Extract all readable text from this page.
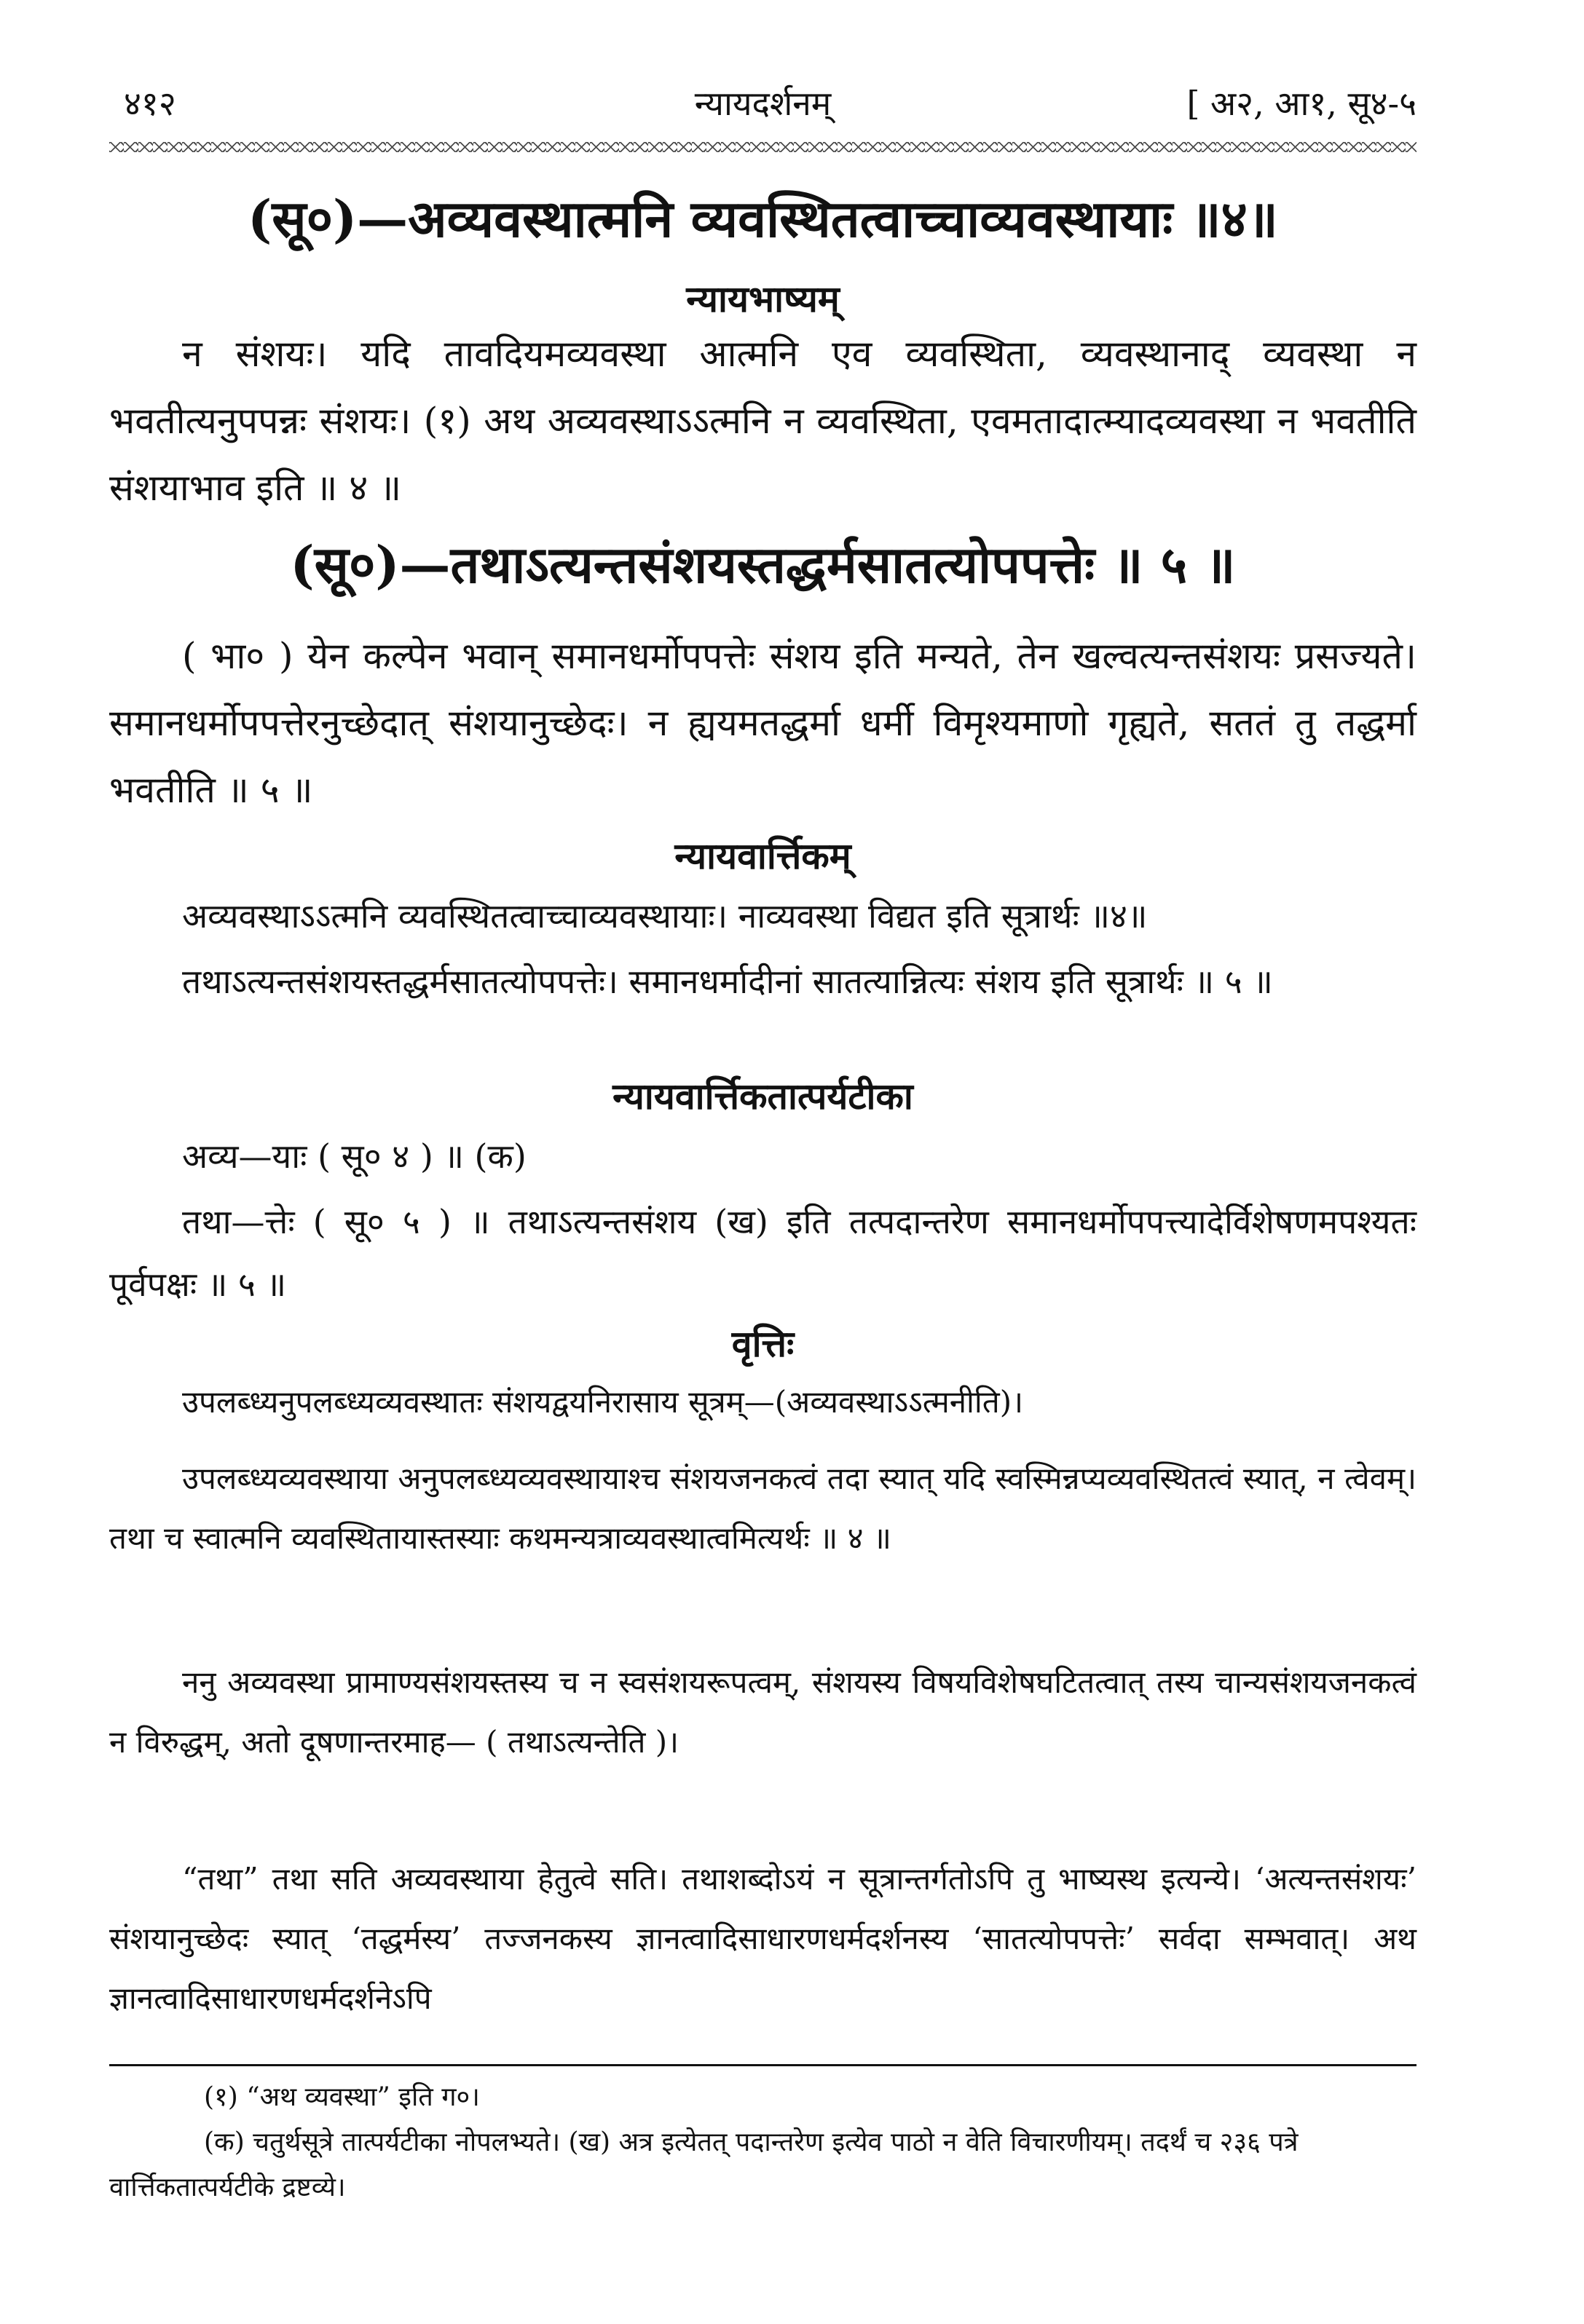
४१२	न्यायदर्शनम्	[ अ२, आ१, सू४-५
(सू०)—अव्यवस्थात्मनि व्यवस्थितत्वाच्चाव्यवस्थायाः ॥४॥
न्यायभाष्यम्
न संशयः। यदि तावदियमव्यवस्था आत्मनि एव व्यवस्थिता, व्यवस्थानाद् व्यवस्था न भवतीत्यनुपपन्नः संशयः। (१) अथ अव्यवस्थाऽऽत्मनि न व्यवस्थिता, एवमतादात्म्यादव्यवस्था न भवतीति संशयाभाव इति ॥ ४ ॥
(सू०)—तथाऽत्यन्तसंशयस्तद्धर्मसातत्योपपत्तेः ॥ ५ ॥
( भा० ) येन कल्पेन भवान् समानधर्मोपपत्तेः संशय इति मन्यते, तेन खल्वत्यन्तसंशयः प्रसज्यते। समानधर्मोपपत्तेरनुच्छेदात् संशयानुच्छेदः। न ह्ययमतद्धर्मा धर्मी विमृश्यमाणो गृह्यते, सततं तु तद्धर्मा भवतीति ॥ ५ ॥
न्यायवार्त्तिकम्
अव्यवस्थाऽऽत्मनि व्यवस्थितत्वाच्चाव्यवस्थायाः। नाव्यवस्था विद्यत इति सूत्रार्थः ॥४॥
तथाऽत्यन्तसंशयस्तद्धर्मसातत्योपपत्तेः। समानधर्मादीनां सातत्यान्नित्यः संशय इति सूत्रार्थः ॥ ५ ॥
न्यायवार्त्तिकतात्पर्यटीका
अव्य—याः ( सू० ४ ) ॥ (क)
तथा—त्तेः ( सू० ५ ) ॥ तथाऽत्यन्तसंशय (ख) इति तत्पदान्तरेण समानधर्मोपपत्त्यादेर्विशेषणमपश्यतः पूर्वपक्षः ॥ ५ ॥
वृत्तिः
उपलब्ध्यनुपलब्ध्यव्यवस्थातः संशयद्वयनिरासाय सूत्रम्—(अव्यवस्थाऽऽत्मनीति)।
उपलब्ध्यव्यवस्थाया अनुपलब्ध्यव्यवस्थायाश्च संशयजनकत्वं तदा स्यात् यदि स्वस्मिन्नप्यव्यवस्थितत्वं स्यात्, न त्वेवम्। तथा च स्वात्मनि व्यवस्थितायास्तस्याः कथमन्यत्राव्यवस्थात्वमित्यर्थः ॥ ४ ॥
ननु अव्यवस्था प्रामाण्यसंशयस्तस्य च न स्वसंशयरूपत्वम्, संशयस्य विषयविशेषघटितत्वात् तस्य चान्यसंशयजनकत्वं न विरुद्धम्, अतो दूषणान्तरमाह— ( तथाऽत्यन्तेति )।
“तथा” तथा सति अव्यवस्थाया हेतुत्वे सति। तथाशब्दोऽयं न सूत्रान्तर्गतोऽपि तु भाष्यस्थ इत्यन्ये। ‘अत्यन्तसंशयः’ संशयानुच्छेदः स्यात् ‘तद्धर्मस्य’ तज्जनकस्य ज्ञानत्वादिसाधारणधर्मदर्शनस्य ‘सातत्योपपत्तेः’ सर्वदा सम्भवात्। अथ ज्ञानत्वादिसाधारणधर्मदर्शनेऽपि
(१) “अथ व्यवस्था” इति ग०।
(क) चतुर्थसूत्रे तात्पर्यटीका नोपलभ्यते। (ख) अत्र इत्येतत् पदान्तरेण इत्येव पाठो न वेति विचारणीयम्। तदर्थं च २३६ पत्रे वार्त्तिकतात्पर्यटीके द्रष्टव्ये।
